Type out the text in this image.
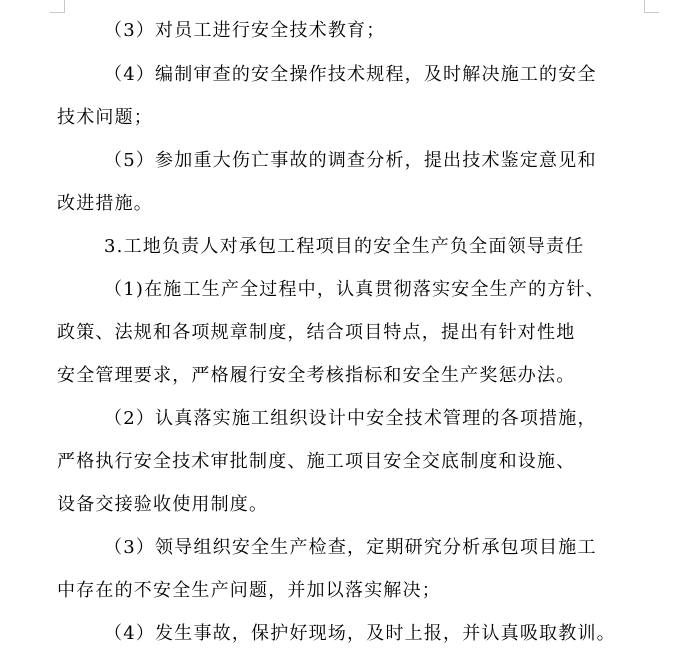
（3）对员工进行安全技术教育；
（4）编制审查的安全操作技术规程，及时解决施工的安全
技术问题；
（5）参加重大伤亡事故的调查分析，提出技术鉴定意见和
改进措施。
3.工地负责人对承包工程项目的安全生产负全面领导责任
（1)在施工生产全过程中，认真贯彻落实安全生产的方针、
政策、法规和各项规章制度，结合项目特点，提出有针对性地
安全管理要求，严格履行安全考核指标和安全生产奖惩办法。
（2）认真落实施工组织设计中安全技术管理的各项措施，
严格执行安全技术审批制度、施工项目安全交底制度和设施、
设备交接验收使用制度。
（3）领导组织安全生产检查，定期研究分析承包项目施工
中存在的不安全生产问题，并加以落实解决；
（4）发生事故，保护好现场，及时上报，并认真吸取教训。
